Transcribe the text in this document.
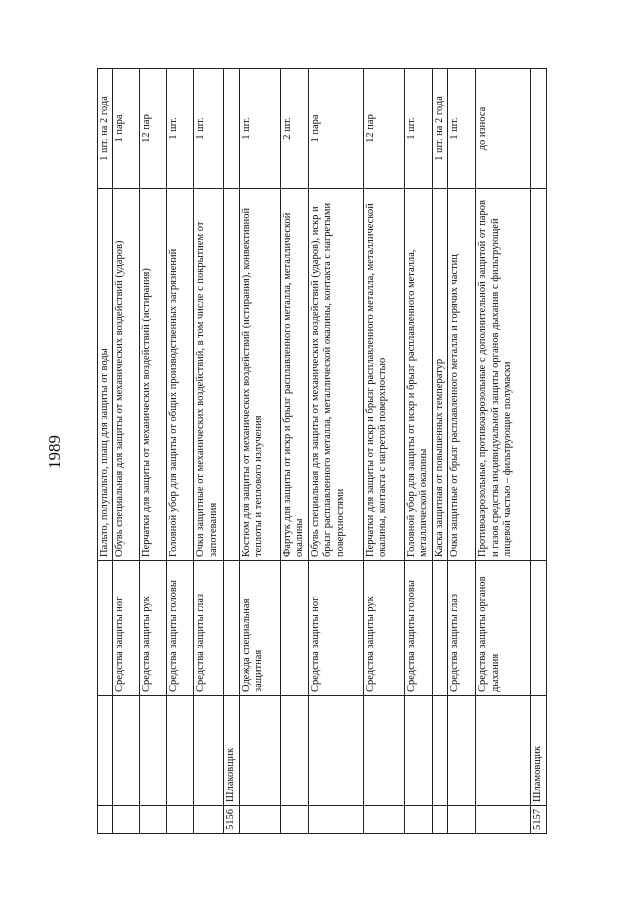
1989
				Пальто, полупальто, плащ для защиты от воды	1 шт. на 2 года
		Средства защиты ног	Обувь специальная для защиты от механических воздействий (ударов)	1 пара
		Средства защиты рук	Перчатки для защиты от механических воздействий (истирания)	12 пар
		Средства защиты головы	Головной убор для защиты от общих производственных загрязнений	1 шт.
		Средства защиты глаз	Очки защитные от механических воздействий, в том числе с покрытием от запотевания	1 шт.
5156	Шлаковщик			
		Одежда специальная защитная	Костюм для защиты от механических воздействий (истирания), конвективной теплоты и теплового излучения	1 шт.
			Фартук для защиты от искр и брызг расплавленного металла, металлической окалины	2 шт.
		Средства защиты ног	Обувь специальная для защиты от механических воздействий (ударов), искр и брызг расплавленного металла, металлической окалины, контакта с нагретыми поверхностями	1 пара
		Средства защиты рук	Перчатки для защиты от искр и брызг расплавленного металла, металлической окалины, контакта с нагретой поверхностью	12 пар
		Средства защиты головы	Головной убор для защиты от искр и брызг расплавленного металла, металлической окалины	1 шт.
			Каска защитная от повышенных температур	1 шт. на 2 года
		Средства защиты глаз	Очки защитные от брызг расплавленного металла и горячих частиц	1 шт.
		Средства защиты органов дыхания	Противоаэрозольные, противоаэрозольные с дополнительной защитой от паров и газов средства индивидуальной защиты органов дыхания с фильтрующей лицевой частью – фильтрующие полумаски	до износа
5157	Шламовщик			
